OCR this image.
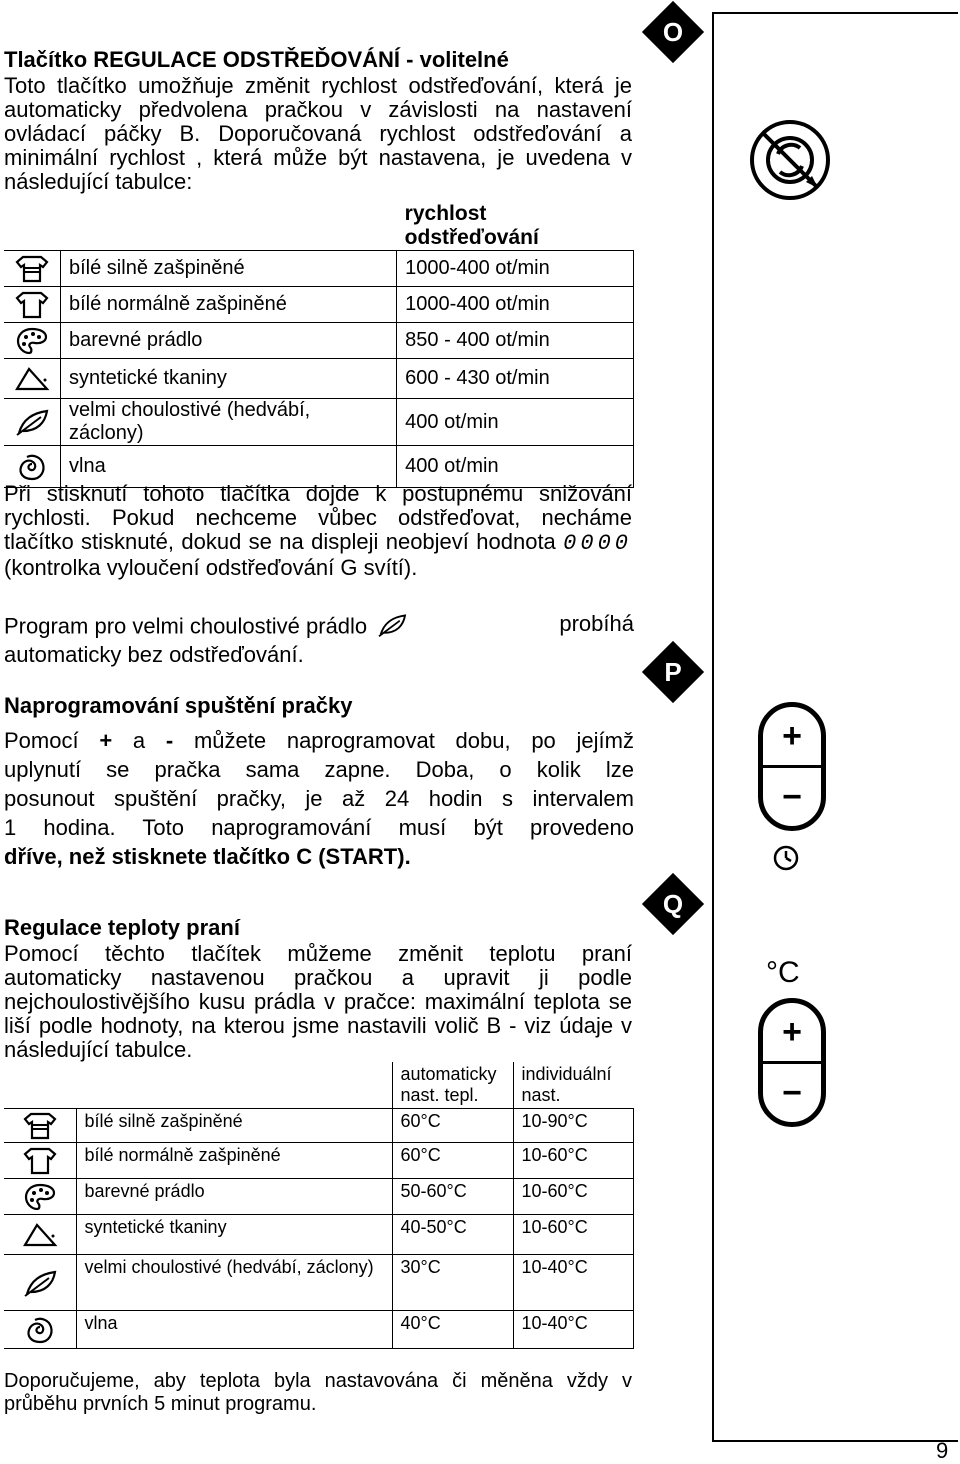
O
P
Q
+
−
°C
+
−
Tlačítko REGULACE ODSTŘEĎOVÁNÍ - volitelné
Toto tlačítko umožňuje změnit rychlost odstřeďování, která je automaticky předvolena pračkou v závislosti na nastavení ovládací páčky B. Doporučovaná rychlost odstřeďování a minimální rychlost , která může být nastavena, je uvedena v následující tabulce:
		rychlost odstřeďování

	bílé silně zašpiněné	1000-400 ot/min

	bílé normálně zašpiněné	1000-400 ot/min

	barevné prádlo	850 - 400 ot/min

	syntetické tkaniny	600 - 430 ot/min

	velmi choulostivé (hedvábí, záclony)	400 ot/min

	vlna	400 ot/min
Při stisknutí tohoto tlačítka dojde k postupnému snižování rychlosti. Pokud nechceme vůbec odstřeďovat, necháme tlačítko stisknuté, dokud se na displeji neobjeví hodnota 0000 (kontrolka vyloučení odstřeďování G svítí).
Program pro velmi choulostivé prádlo	probíhá
automaticky bez odstřeďování.
Naprogramování spuštění pračky
Pomocí + a - můžete naprogramovat dobu, po jejímž
uplynutí se pračka sama zapne. Doba, o kolik lze
posunout spuštění pračky, je až 24 hodin s intervalem
1 hodina. Toto naprogramování musí být provedeno
dříve, než stisknete tlačítko C (START).
Regulace teploty praní
Pomocí těchto tlačítek můžeme změnit teplotu praní automaticky nastavenou pračkou a upravit ji podle nejchoulostivějšího kusu prádla v pračce: maximální teplota se liší podle hodnoty, na kterou jsme nastavili volič B - viz údaje v následující tabulce.
		automaticky nast. tepl.	individuální nast.

	bílé silně zašpiněné	60°C	10-90°C

	bílé normálně zašpiněné	60°C	10-60°C

	barevné prádlo	50-60°C	10-60°C

	syntetické tkaniny	40-50°C	10-60°C

	velmi choulostivé (hedvábí, záclony)	30°C	10-40°C

	vlna	40°C	10-40°C
Doporučujeme, aby teplota byla nastavována či měněna vždy v průběhu prvních 5 minut programu.
9
